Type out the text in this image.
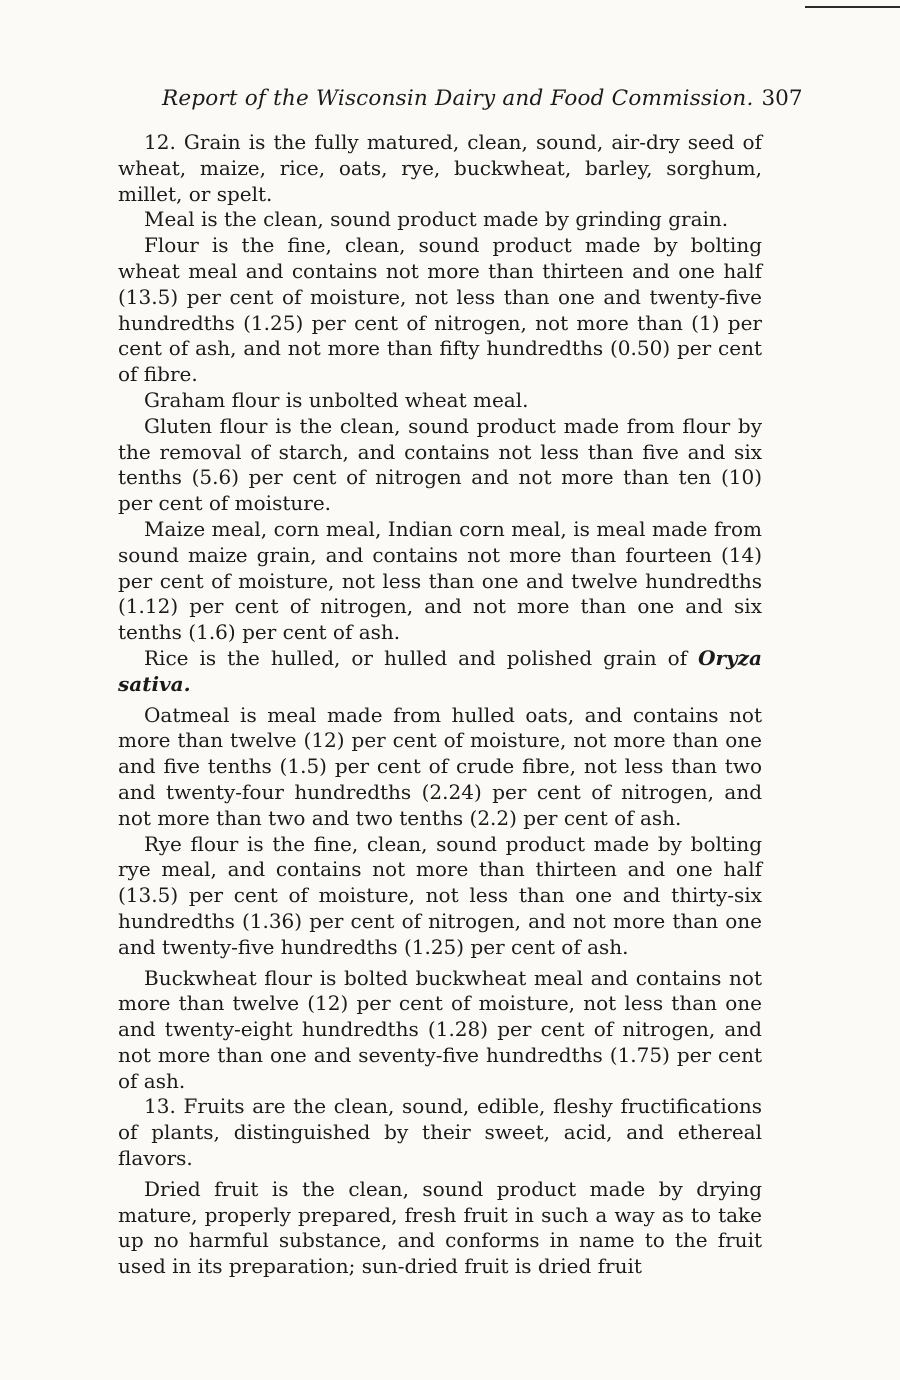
Report of the Wisconsin Dairy and Food Commission. 307

12. Grain is the fully matured, clean, sound, air-dry seed of wheat, maize, rice, oats, rye, buckwheat, barley, sorghum, millet, or spelt.

Meal is the clean, sound product made by grinding grain.

Flour is the fine, clean, sound product made by bolting wheat meal and contains not more than thirteen and one half (13.5) per cent of moisture, not less than one and twenty-five hundredths (1.25) per cent of nitrogen, not more than (1) per cent of ash, and not more than fifty hundredths (0.50) per cent of fibre.

Graham flour is unbolted wheat meal.

Gluten flour is the clean, sound product made from flour by the removal of starch, and contains not less than five and six tenths (5.6) per cent of nitrogen and not more than ten (10) per cent of moisture.

Maize meal, corn meal, Indian corn meal, is meal made from sound maize grain, and contains not more than fourteen (14) per cent of moisture, not less than one and twelve hundredths (1.12) per cent of nitrogen, and not more than one and six tenths (1.6) per cent of ash.

Rice is the hulled, or hulled and polished grain of Oryza sativa.

Oatmeal is meal made from hulled oats, and contains not more than twelve (12) per cent of moisture, not more than one and five tenths (1.5) per cent of crude fibre, not less than two and twenty-four hundredths (2.24) per cent of nitrogen, and not more than two and two tenths (2.2) per cent of ash.

Rye flour is the fine, clean, sound product made by bolting rye meal, and contains not more than thirteen and one half (13.5) per cent of moisture, not less than one and thirty-six hundredths (1.36) per cent of nitrogen, and not more than one and twenty-five hundredths (1.25) per cent of ash.

Buckwheat flour is bolted buckwheat meal and contains not more than twelve (12) per cent of moisture, not less than one and twenty-eight hundredths (1.28) per cent of nitrogen, and not more than one and seventy-five hundredths (1.75) per cent of ash.

13. Fruits are the clean, sound, edible, fleshy fructifications of plants, distinguished by their sweet, acid, and ethereal flavors.

Dried fruit is the clean, sound product made by drying mature, properly prepared, fresh fruit in such a way as to take up no harmful substance, and conforms in name to the fruit used in its preparation; sun-dried fruit is dried fruit
